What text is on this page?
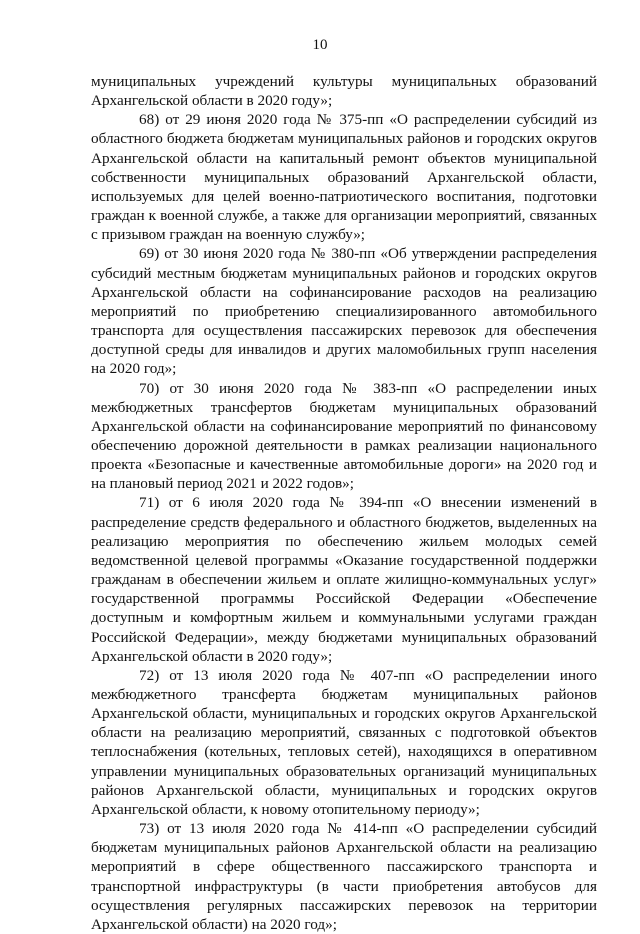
10

муниципальных учреждений культуры муниципальных образований Архангельской области в 2020 году»;

68) от 29 июня 2020 года № 375-пп «О распределении субсидий из областного бюджета бюджетам муниципальных районов и городских округов Архангельской области на капитальный ремонт объектов муниципальной собственности муниципальных образований Архангельской области, используемых для целей военно-патриотического воспитания, подготовки граждан к военной службе, а также для организации мероприятий, связанных с призывом граждан на военную службу»;

69) от 30 июня 2020 года № 380-пп «Об утверждении распределения субсидий местным бюджетам муниципальных районов и городских округов Архангельской области на софинансирование расходов на реализацию мероприятий по приобретению специализированного автомобильного транспорта для осуществления пассажирских перевозок для обеспечения доступной среды для инвалидов и других маломобильных групп населения на 2020 год»;

70) от 30 июня 2020 года № 383-пп «О распределении иных межбюджетных трансфертов бюджетам муниципальных образований Архангельской области на софинансирование мероприятий по финансовому обеспечению дорожной деятельности в рамках реализации национального проекта «Безопасные и качественные автомобильные дороги» на 2020 год и на плановый период 2021 и 2022 годов»;

71) от 6 июля 2020 года № 394-пп «О внесении изменений в распределение средств федерального и областного бюджетов, выделенных на реализацию мероприятия по обеспечению жильем молодых семей ведомственной целевой программы «Оказание государственной поддержки гражданам в обеспечении жильем и оплате жилищно-коммунальных услуг» государственной программы Российской Федерации «Обеспечение доступным и комфортным жильем и коммунальными услугами граждан Российской Федерации», между бюджетами муниципальных образований Архангельской области в 2020 году»;

72) от 13 июля 2020 года № 407-пп «О распределении иного межбюджетного трансферта бюджетам муниципальных районов Архангельской области, муниципальных и городских округов Архангельской области на реализацию мероприятий, связанных с подготовкой объектов теплоснабжения (котельных, тепловых сетей), находящихся в оперативном управлении муниципальных образовательных организаций муниципальных районов Архангельской области, муниципальных и городских округов Архангельской области, к новому отопительному периоду»;

73) от 13 июля 2020 года № 414-пп «О распределении субсидий бюджетам муниципальных районов Архангельской области на реализацию мероприятий в сфере общественного пассажирского транспорта и транспортной инфраструктуры (в части приобретения автобусов для осуществления регулярных пассажирских перевозок на территории Архангельской области) на 2020 год»;
